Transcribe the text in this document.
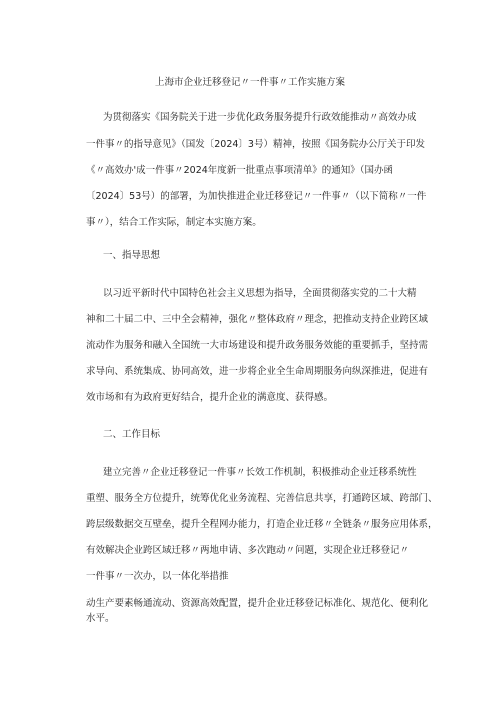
上海市企业迁移登记〃一件事〃工作实施方案
为贯彻落实《国务院关于进一步优化政务服务提升行政效能推动〃高效办成
一件事〃的指导意见》（国发〔2024〕3号）精神，按照《国务院办公厅关于印发
《〃高效办'成一件事〃2024年度新一批重点事项清单》的通知》（国办函
〔2024〕53号）的部署，为加快推进企业迁移登记〃一件事〃（以下简称〃一件
事〃），结合工作实际，制定本实施方案。
一、指导思想
以习近平新时代中国特色社会主义思想为指导，全面贯彻落实党的二十大精
神和二十届二中、三中全会精神，强化〃整体政府〃理念，把推动支持企业跨区域
流动作为服务和融入全国统一大市场建设和提升政务服务效能的重要抓手，坚持需
求导向、系统集成、协同高效，进一步将企业全生命周期服务向纵深推进，促进有
效市场和有为政府更好结合，提升企业的满意度、获得感。
二、工作目标
建立完善〃企业迁移登记一件事〃长效工作机制，积极推动企业迁移系统性
重塑、服务全方位提升，统筹优化业务流程、完善信息共享，打通跨区域、跨部门、
跨层级数据交互壁垒，提升全程网办能力，打造企业迁移〃全链条〃服务应用体系，
有效解决企业跨区域迁移〃两地申请、多次跑动〃问题，实现企业迁移登记〃
一件事〃一次办，以一体化举措推
动生产要素畅通流动、资源高效配置，提升企业迁移登记标准化、规范化、便利化
水平。
